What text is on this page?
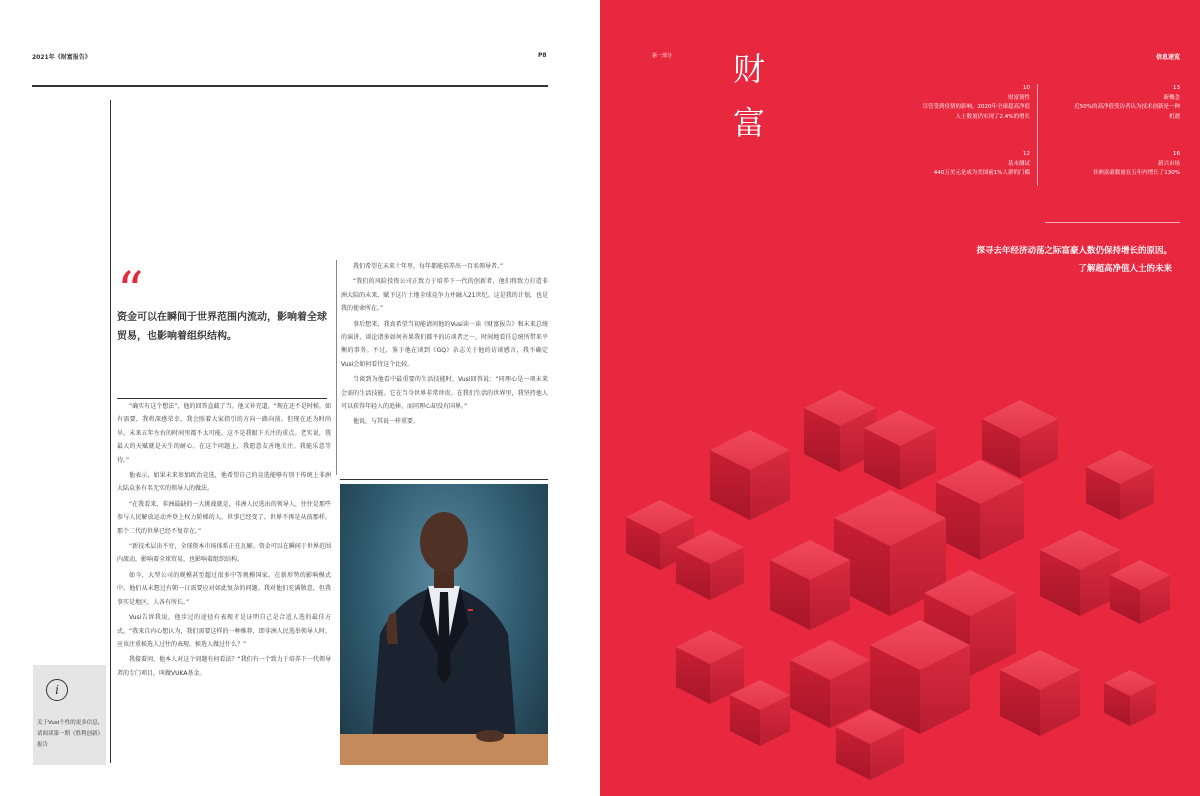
2021年《财富报告》	P8
“
资金可以在瞬间于世界范围内流动，影响着全球贸易，也影响着组织结构。

“确实有这个想法”，他的回答直截了当。他又补充道，“现在还不是时候。如有需要，我将深感荣幸，我会照着大家指引的方向一路向前。但现在还为时尚早，未来五年左右的时间里都不太可能。这不是我眼下关注的重点。老实说，我最大的天赋就是天生的耐心。在这个问题上，我愿意友善地关注。我能乐意等待。”

他表示，如果未来参加政治竞选，他希望自己的竞选能够有别于传统上非洲大陆众多有名无实的领导人的做法。

“在我看来，非洲最缺的一大挑战就是，非洲人民选出的领导人，往往是那些参与人民解放运动并登上权力阶梯的人。世事已经变了。世界不再是从前那样。那个二代的世界已经不复存在。”

“新技术层出不穷，全球资本市场体系正在瓦解。资金可以在瞬间于世界范围内流动，影响着全球贸易，也影响着组织结构。

如今，大型公司的规模甚至超过很多中等规模国家。在新形势的影响模式中，他们从未想过有朝一日需要应对如此复杂的问题。我对他们充满敬意，但我事实是地区，人各有所长。”

Vusi告诉我说，他步过的途径有表现才是证明自己是合适人选的最佳方式。“我来自内心想认为，我们需要这样的一种推荐，即非洲人民选举领导人时，应该注重候选人过往的表现。候选人做过什么？”

我接着问，他本人对这个问题有何看法？“我们有一个致力于培养下一代领导者的专门项目，叫做VUKA基金。

我们希望在未来十年里，每年都能培养出一百名领导者。”

“我们的风险投资公司正致力于培养下一代的创新者，他们将致力打造非洲大陆的未来，赋予这片土地全球竞争力并融入21世纪。这是我的计划，也是我的使命所在。”

事后想来，我真希望当初能请问他的Vusi读一读《财富报告》和未来总统的演讲，谈论诸多如何善果我们都平的访谈者之一，时间地看任总统所带来平衡的事务。不过，鉴于他在谈到《GQ》杂志关于他的访谈感言，我不确定Vusi会如何看待这个比较。

当谈到为他看中最重要的生活技能时，Vusi回答说：“同理心是一项未来会需的生活技能。它在当今世界非常珍贵。在我们生活的世界里，我坚持他人可以获得年轻人的追捧，而同理心却没有国界。”

他说，与其说一样重要。

i
关于Vusi个性的更多信息，请阅读第一期《胜利创新》报告
第一部分 财富
信息速览
10
财富韧性
尽管受到疫情的影响，2020年全球超高净值人士数量仍实现了2.4%的增长
13
新概念
近50%的高净值受访者认为技术创新是一种机遇
12
基本测试
440万美元是成为美国前1%人群的门槛
16
新兴市场
非洲富豪数量在五年内增长了130%
探寻去年经济动荡之际富豪人数仍保持增长的原因。
了解超高净值人士的未来
